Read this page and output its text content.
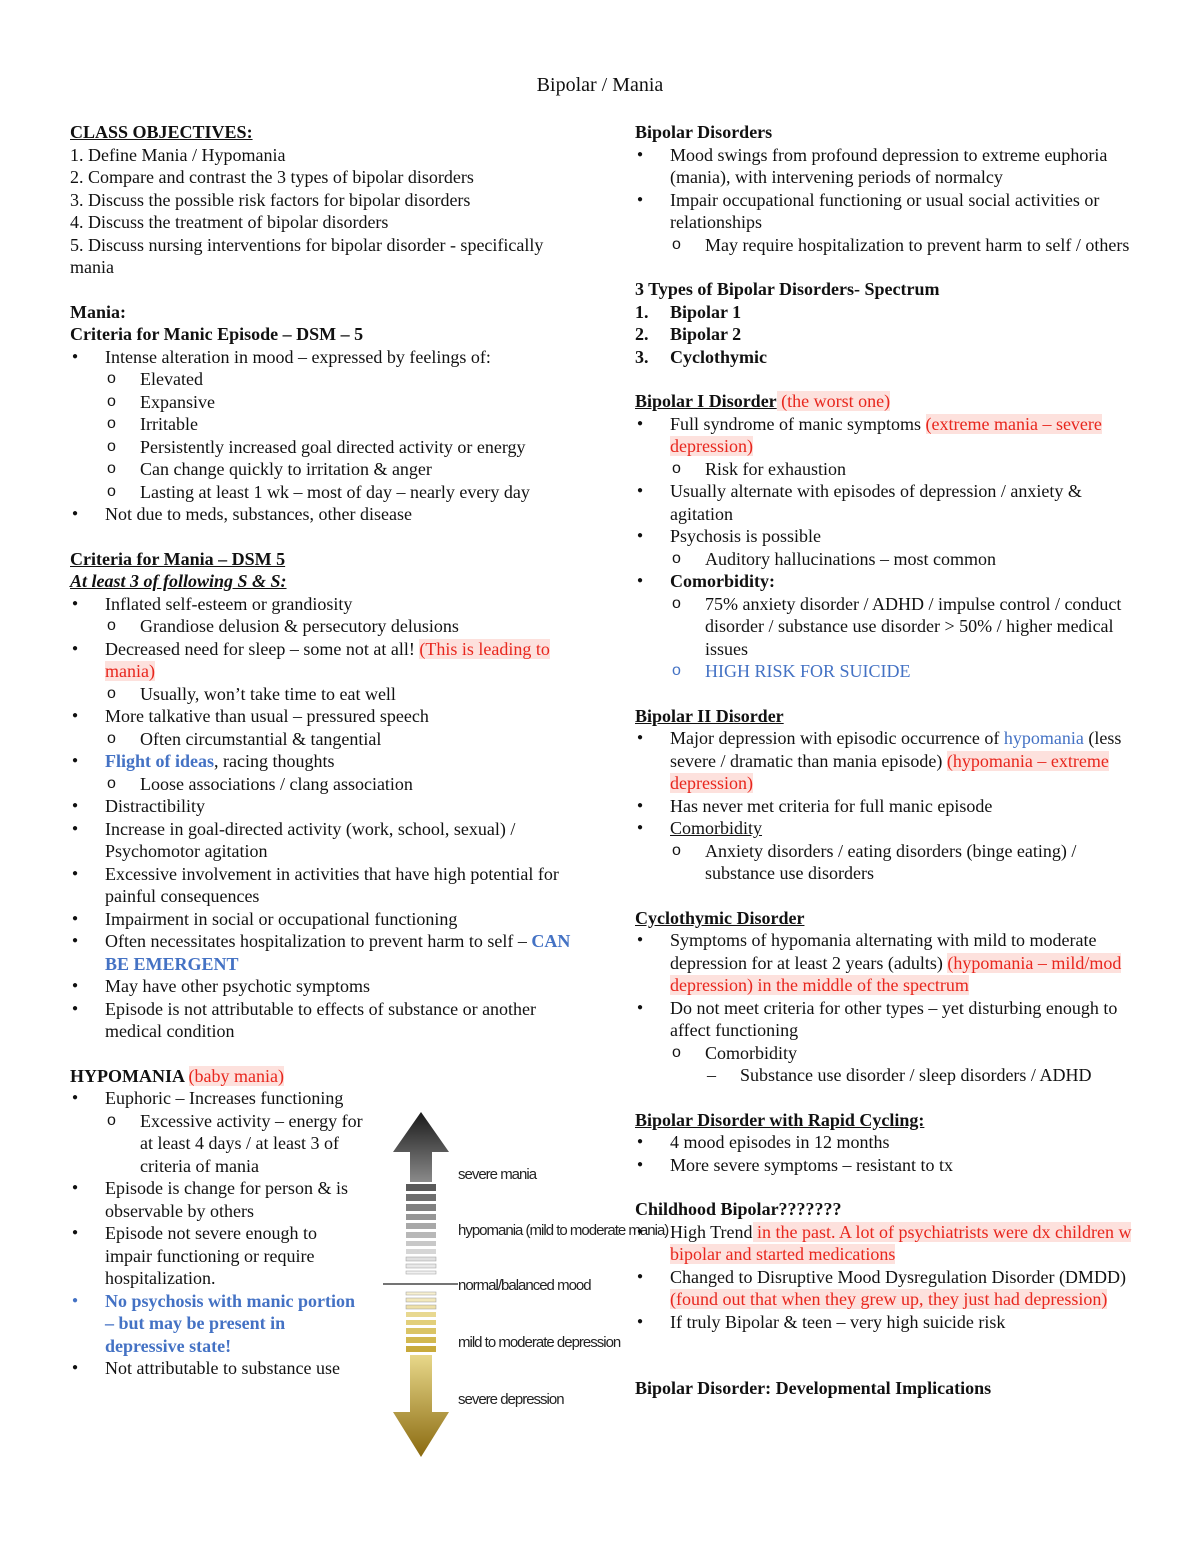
Bipolar / Mania
CLASS OBJECTIVES:
1. Define Mania / Hypomania
2. Compare and contrast the 3 types of bipolar disorders
3. Discuss the possible risk factors for bipolar disorders
4. Discuss the treatment of bipolar disorders
5. Discuss nursing interventions for bipolar disorder - specifically mania
Mania:
Criteria for Manic Episode – DSM – 5
● Intense alteration in mood – expressed by feelings of:
o Elevated
o Expansive
o Irritable
o Persistently increased goal directed activity or energy
o Can change quickly to irritation & anger
o Lasting at least 1 wk – most of day – nearly every day
● Not due to meds, substances, other disease
Criteria for Mania – DSM 5
At least 3 of following S & S:
● Inflated self-esteem or grandiosity
o Grandiose delusion & persecutory delusions
● Decreased need for sleep – some not at all! (This is leading to mania)
o Usually, won’t take time to eat well
● More talkative than usual – pressured speech
o Often circumstantial & tangential
● Flight of ideas, racing thoughts
o Loose associations / clang association
● Distractibility
● Increase in goal-directed activity (work, school, sexual) / Psychomotor agitation
● Excessive involvement in activities that have high potential for painful consequences
● Impairment in social or occupational functioning
● Often necessitates hospitalization to prevent harm to self – CAN BE EMERGENT
● May have other psychotic symptoms
● Episode is not attributable to effects of substance or another medical condition
HYPOMANIA (baby mania)
● Euphoric – Increases functioning
o Excessive activity – energy for at least 4 days / at least 3 of criteria of mania
● Episode is change for person & is observable by others
● Episode not severe enough to impair functioning or require hospitalization.
● No psychosis with manic portion – but may be present in depressive state!
● Not attributable to substance use
severe mania
hypomania (mild to moderate mania)
normal/balanced mood
mild to moderate depression
severe depression
Bipolar Disorders
● Mood swings from profound depression to extreme euphoria (mania), with intervening periods of normalcy
● Impair occupational functioning or usual social activities or relationships
o May require hospitalization to prevent harm to self / others
3 Types of Bipolar Disorders- Spectrum
1. Bipolar 1
2. Bipolar 2
3. Cyclothymic
Bipolar I Disorder (the worst one)
● Full syndrome of manic symptoms (extreme mania – severe depression)
o Risk for exhaustion
● Usually alternate with episodes of depression / anxiety & agitation
● Psychosis is possible
o Auditory hallucinations – most common
● Comorbidity:
o 75% anxiety disorder / ADHD / impulse control / conduct disorder / substance use disorder > 50% / higher medical issues
o HIGH RISK FOR SUICIDE
Bipolar II Disorder
● Major depression with episodic occurrence of hypomania (less severe / dramatic than mania episode) (hypomania – extreme depression)
● Has never met criteria for full manic episode
● Comorbidity
o Anxiety disorders / eating disorders (binge eating) / substance use disorders
Cyclothymic Disorder
● Symptoms of hypomania alternating with mild to moderate depression for at least 2 years (adults) (hypomania – mild/mod depression) in the middle of the spectrum
● Do not meet criteria for other types – yet disturbing enough to affect functioning
o Comorbidity
– Substance use disorder / sleep disorders / ADHD
Bipolar Disorder with Rapid Cycling:
● 4 mood episodes in 12 months
● More severe symptoms – resistant to tx
Childhood Bipolar???????
● High Trend in the past. A lot of psychiatrists were dx children w bipolar and started medications
● Changed to Disruptive Mood Dysregulation Disorder (DMDD) (found out that when they grew up, they just had depression)
● If truly Bipolar & teen – very high suicide risk
Bipolar Disorder: Developmental Implications
